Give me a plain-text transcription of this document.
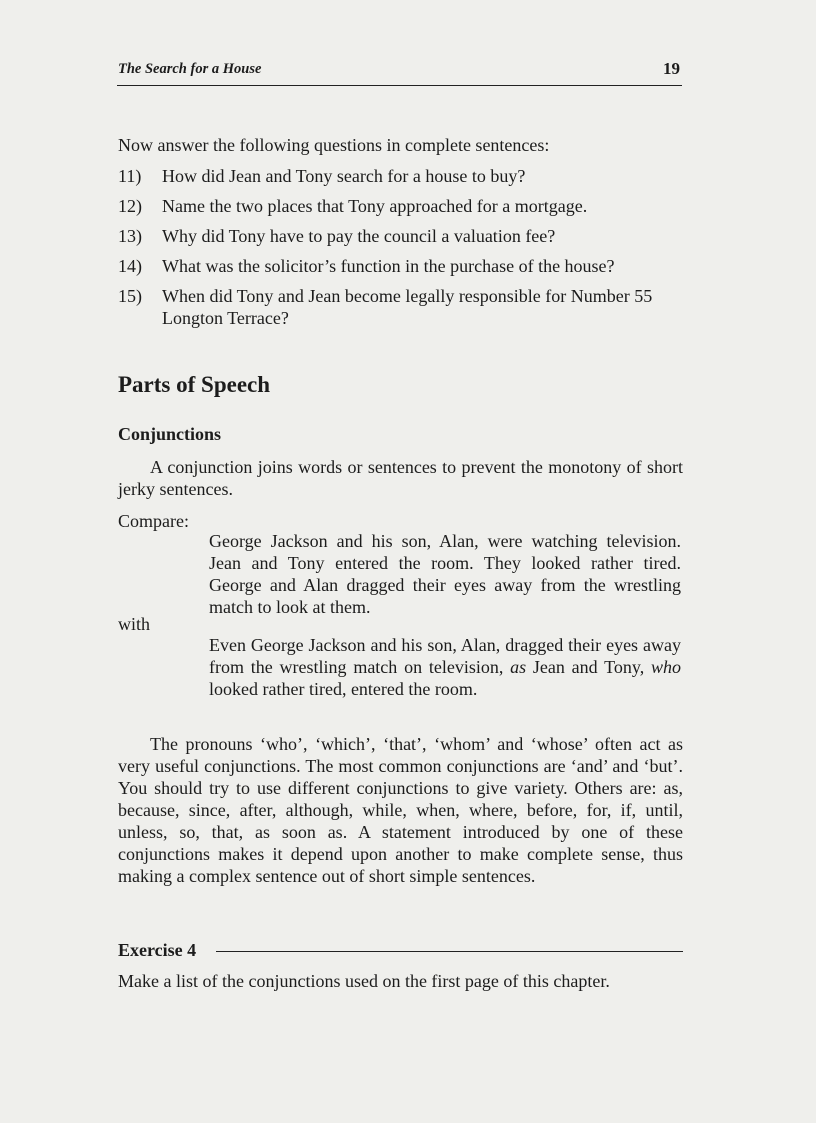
The Search for a House	19

Now answer the following questions in complete sentences:

11) How did Jean and Tony search for a house to buy?
12) Name the two places that Tony approached for a mortgage.
13) Why did Tony have to pay the council a valuation fee?
14) What was the solicitor’s function in the purchase of the house?
15) When did Tony and Jean become legally responsible for Number 55 Longton Terrace?
Parts of Speech
Conjunctions

A conjunction joins words or sentences to prevent the monotony of short jerky sentences.

Compare:

George Jackson and his son, Alan, were watching television. Jean and Tony entered the room. They looked rather tired. George and Alan dragged their eyes away from the wrestling match to look at them.

with

Even George Jackson and his son, Alan, dragged their eyes away from the wrestling match on television, as Jean and Tony, who looked rather tired, entered the room.

The pronouns ‘who’, ‘which’, ‘that’, ‘whom’ and ‘whose’ often act as very useful conjunctions. The most common conjunctions are ‘and’ and ‘but’. You should try to use different conjunctions to give variety. Others are: as, because, since, after, although, while, when, where, before, for, if, until, unless, so, that, as soon as. A statement introduced by one of these conjunctions makes it depend upon another to make complete sense, thus making a complex sentence out of short simple sentences.

Exercise 4

Make a list of the conjunctions used on the first page of this chapter.
